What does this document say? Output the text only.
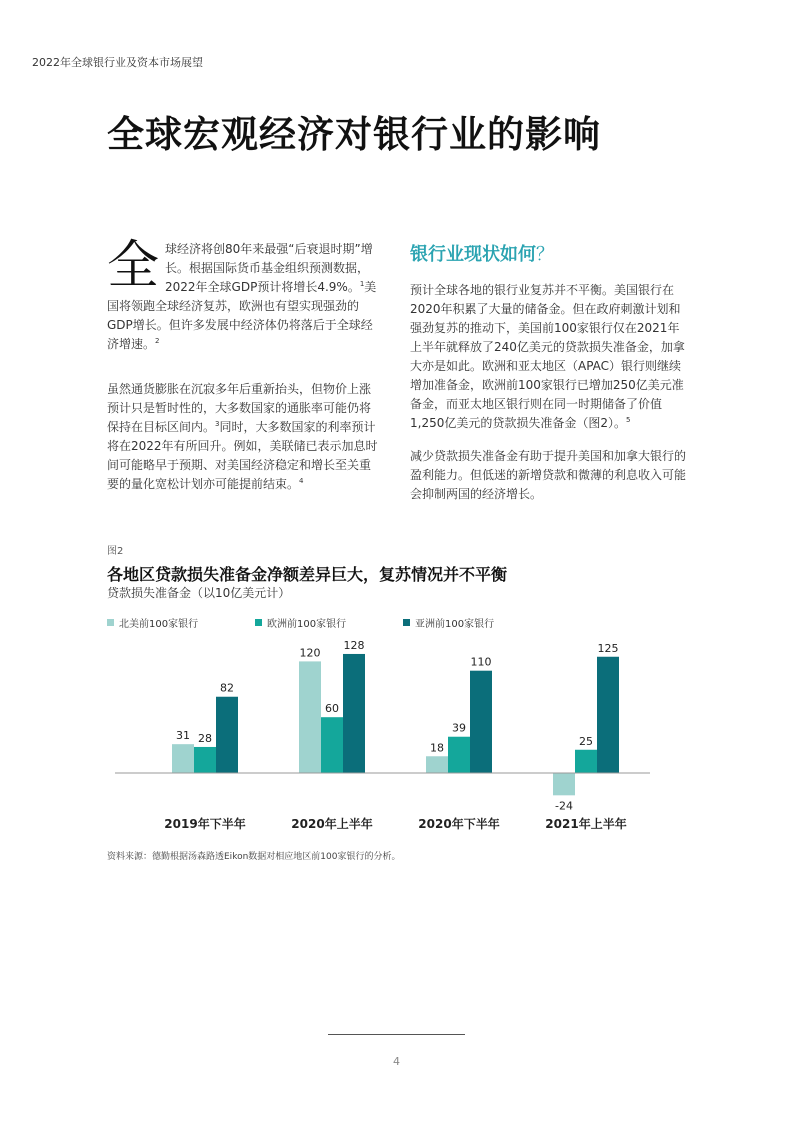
2022年全球银行业及资本市场展望
全球宏观经济对银行业的影响

全球经济将创80年来最强“后衰退时期”增长。根据国际货币基金组织预测数据，2022年全球GDP预计将增长4.9%。$^1$美国将领跑全球经济复苏，欧洲也有望实现强劲的GDP增长。但许多发展中经济体仍将落后于全球经济增速。$^2$

虽然通货膨胀在沉寂多年后重新抬头，但物价上涨预计只是暂时性的，大多数国家的通胀率可能仍将保持在目标区间内。$^3$同时，大多数国家的利率预计将在2022年有所回升。例如，美联储已表示加息时间可能略早于预期、对美国经济稳定和增长至关重要的量化宽松计划亦可能提前结束。$^4$

银行业现状如何？

预计全球各地的银行业复苏并不平衡。美国银行在2020年积累了大量的储备金。但在政府刺激计划和强劲复苏的推动下，美国前100家银行仅在2021年上半年就释放了240亿美元的贷款损失准备金，加拿大亦是如此。欧洲和亚太地区（APAC）银行则继续增加准备金，欧洲前100家银行已增加250亿美元准备金，而亚太地区银行则在同一时期储备了价值1,250亿美元的贷款损失准备金（图2）。$^5$

减少贷款损失准备金有助于提升美国和加拿大银行的盈利能力。但低迷的新增贷款和微薄的利息收入可能会抑制两国的经济增长。

图2
各地区贷款损失准备金净额差异巨大，复苏情况并不平衡
贷款损失准备金（以10亿美元计）
北美前100家银行	欧洲前100家银行	亚洲前100家银行
31 28
82
2019年下半年
120
60
128
2020年上半年
18
39
110
2020年下半年
-24
25
125
2021年上半年
资料来源：德勤根据汤森路透Eikon数据对相应地区前100家银行的分析。
4
